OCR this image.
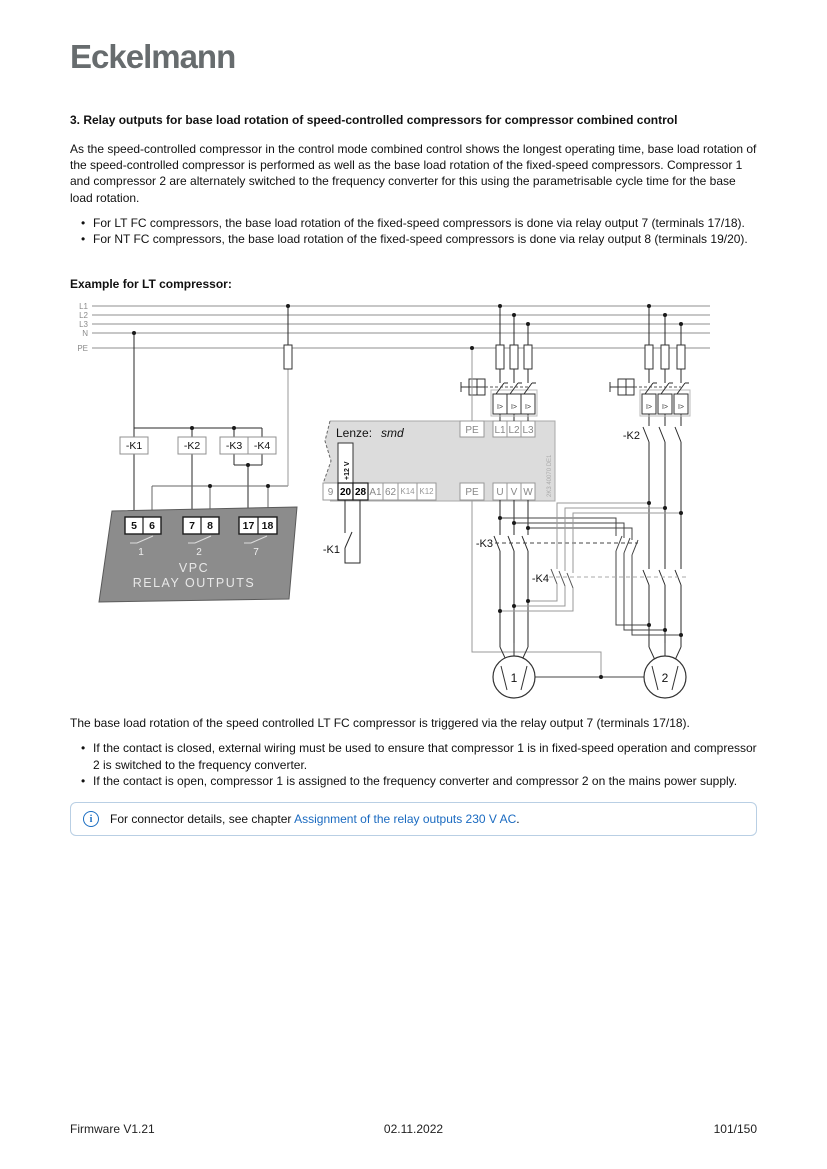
Eckelmann
3. Relay outputs for base load rotation of speed-controlled compressors for compressor combined control

As the speed-controlled compressor in the control mode combined control shows the longest operating time, base load rotation of the speed-controlled compressor is performed as well as the base load rotation of the fixed-speed compressors. Compressor 1 and compressor 2 are alternately switched to the frequency converter for this using the parametrisable cycle time for the base load rotation.

• For LT FC compressors, the base load rotation of the fixed-speed compressors is done via relay output 7 (terminals 17/18).
• For NT FC compressors, the base load rotation of the fixed-speed compressors is done via relay output 8 (terminals 19/20).
Example for LT compressor:
L1
L2
L3
N
PE
-K1	-K2 -K3 -K4
5 6	7 8	17 18
1	2	7
VPC
RELAY OUTPUTS
Lenze: smd	PE L1 L2 L3
+12 V
9 20 28 A1 62 K14 K12	PE U V W 2K3 40070 DE1
-K1
I> I> I>	I> I> I>
-K2
-K3
-K4
1	2

The base load rotation of the speed controlled LT FC compressor is triggered via the relay output 7 (terminals 17/18).

• If the contact is closed, external wiring must be used to ensure that compressor 1 is in fixed-speed operation and compressor 2 is switched to the frequency converter.
• If the contact is open, compressor 1 is assigned to the frequency converter and compressor 2 on the mains power supply.
i	For connector details, see chapter Assignment of the relay outputs 230 V AC.
Firmware V1.21	02.11.2022	101/150
